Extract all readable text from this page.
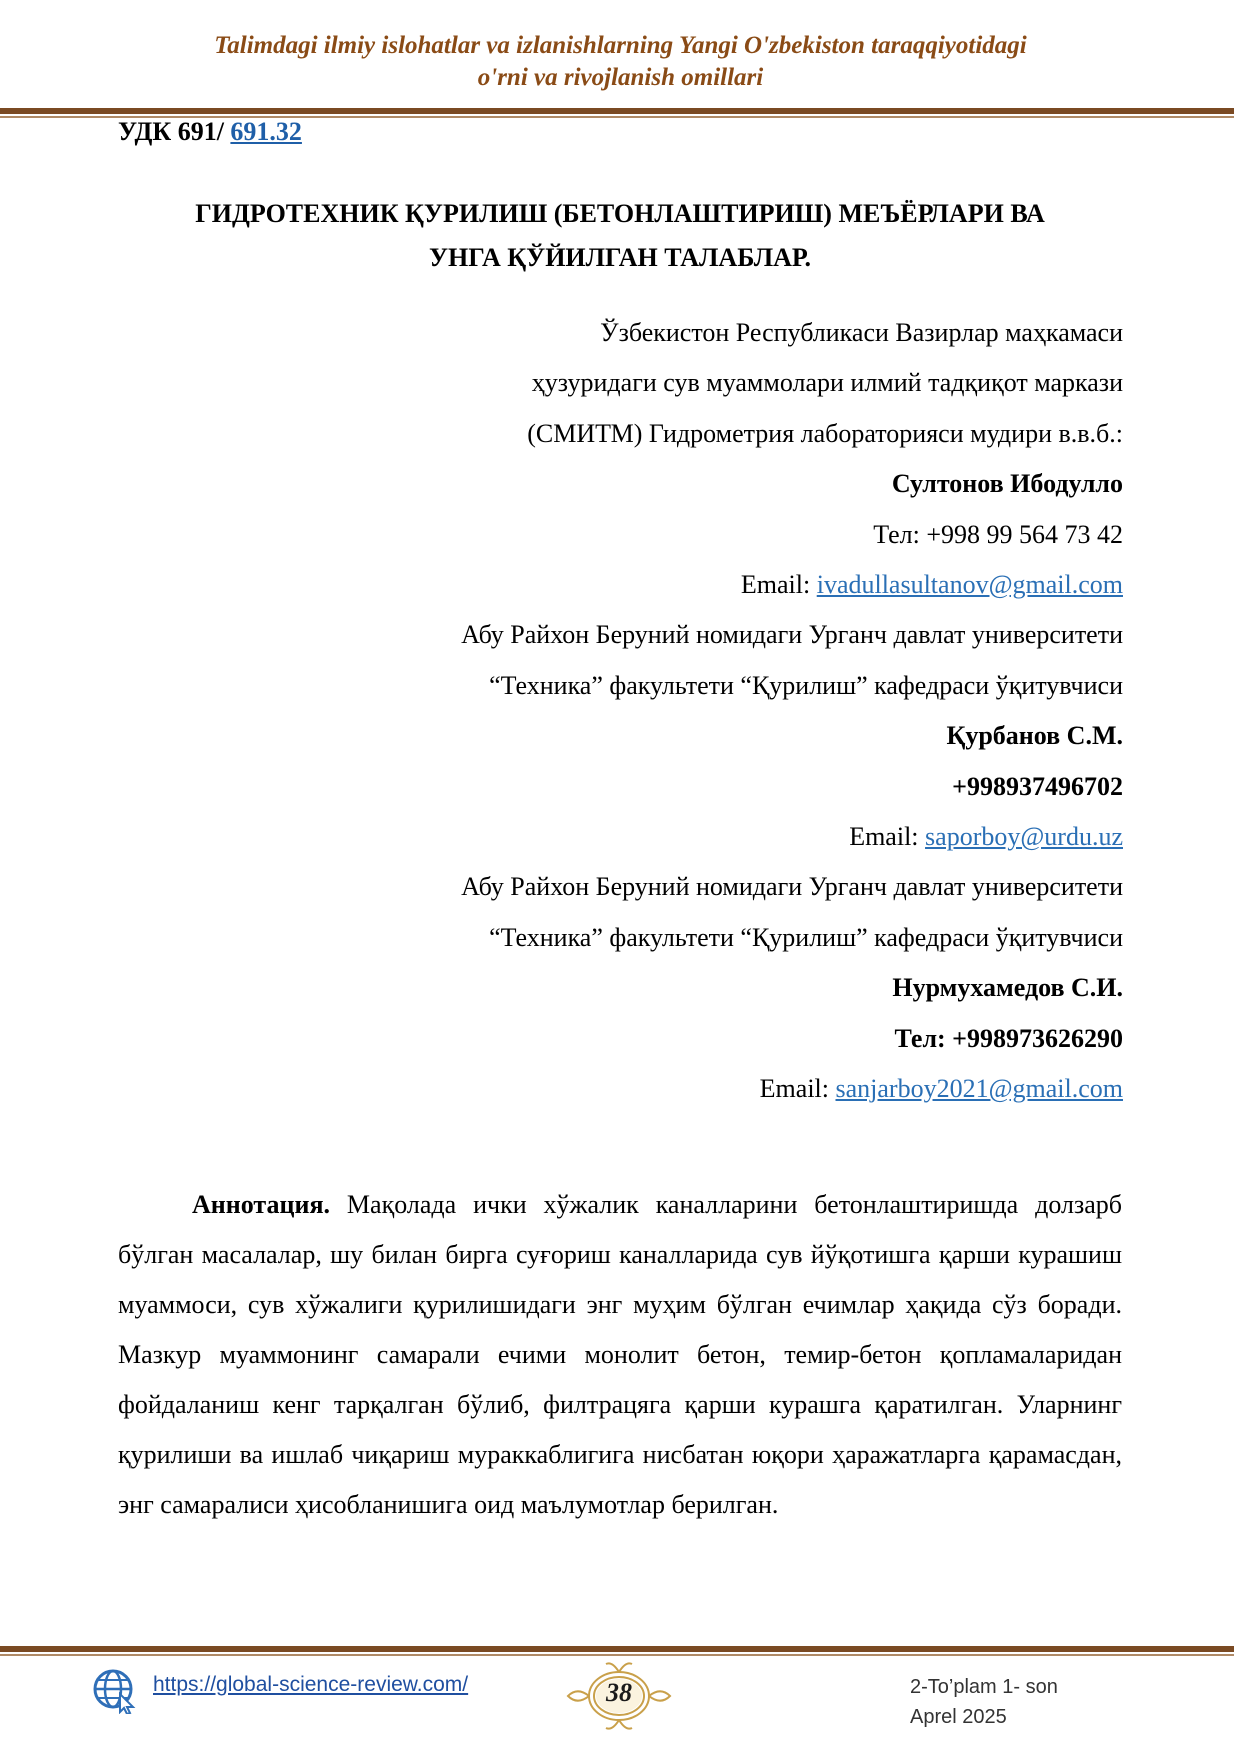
Talimdagi ilmiy islohatlar va izlanishlarning Yangi O'zbekiston taraqqiyotidagi
o'rni va rivojlanish omillari
УДК 691/ 691.32
ГИДРОТЕХНИК ҚУРИЛИШ (БЕТОНЛАШТИРИШ) МЕЪЁРЛАРИ ВА
УНГА ҚЎЙИЛГАН ТАЛАБЛАР.
Ўзбекистон Республикаси Вазирлар маҳкамаси
ҳузуридаги сув муаммолари илмий тадқиқот маркази
(СМИТМ) Гидрометрия лабораторияси мудири в.в.б.:
Султонов Ибодулло
Тел: +998 99 564 73 42
Email: ivadullasultanov@gmail.com
Абу Райхон Беруний номидаги Урганч давлат университети
“Техника” факультети “Қурилиш” кафедраси ўқитувчиси
Қурбанов С.М.
+998937496702
Email: saporboy@urdu.uz
Абу Райхон Беруний номидаги Урганч давлат университети
“Техника” факультети “Қурилиш” кафедраси ўқитувчиси
Нурмухамедов С.И.
Тел: +998973626290
Email: sanjarboy2021@gmail.com
Аннотация. Мақолада ички хўжалик каналларини бетонлаштиришда долзарб бўлган масалалар, шу билан бирга суғориш каналларида сув йўқотишга қарши курашиш муаммоси, сув хўжалиги қурилишидаги энг муҳим бўлган ечимлар ҳақида сўз боради. Мазкур муаммонинг самарали ечими монолит бетон, темир-бетон қопламаларидан фойдаланиш кенг тарқалган бўлиб, филтрацяга қарши курашга қаратилган. Уларнинг қурилиши ва ишлаб чиқариш мураккаблигига нисбатан юқори ҳаражатларга қарамасдан, энг самаралиси ҳисобланишига оид маълумотлар берилган.
https://global-science-review.com/	38	2-To’plam 1- son
Aprel 2025
